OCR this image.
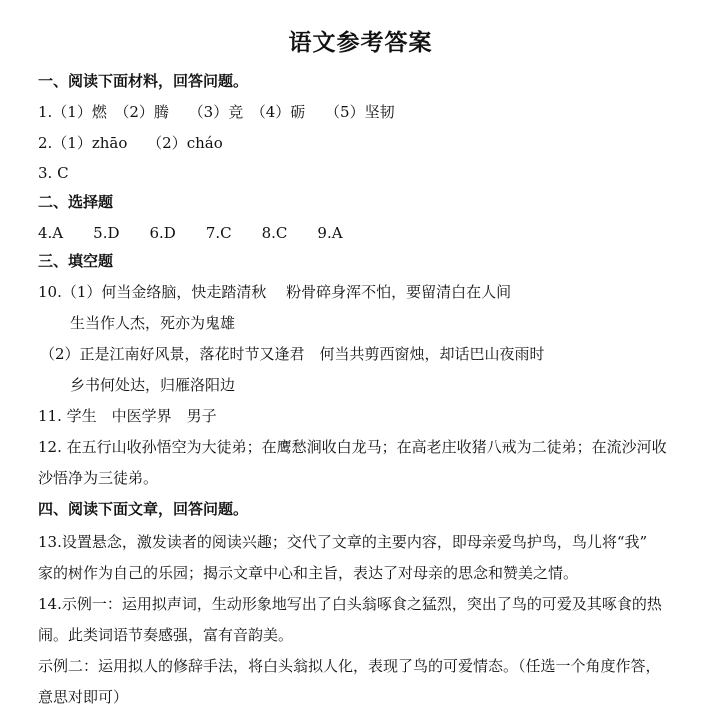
语文参考答案
一、阅读下面材料，回答问题。
1.（1）燃　（2）腾　 （3）竞　（4）砺　 （5）坚韧
2.（1）zhāo　 （2）cháo
3. C
二、选择题
4.A　　5.D　　6.D　　7.C　　8.C　　9.A
三、填空题
10.（1）何当金络脑，快走踏清秋　 粉骨碎身浑不怕，要留清白在人间
生当作人杰，死亦为鬼雄
（2）正是江南好风景，落花时节又逢君　何当共剪西窗烛，却话巴山夜雨时
乡书何处达，归雁洛阳边
11. 学生　中医学界　男子
12. 在五行山收孙悟空为大徒弟；在鹰愁涧收白龙马；在高老庄收猪八戒为二徒弟；在流沙河收
沙悟净为三徒弟。
四、阅读下面文章，回答问题。
13.设置悬念，激发读者的阅读兴趣；交代了文章的主要内容，即母亲爱鸟护鸟，鸟儿将“我”
家的树作为自己的乐园；揭示文章中心和主旨，表达了对母亲的思念和赞美之情。
14.示例一：运用拟声词，生动形象地写出了白头翁啄食之猛烈，突出了鸟的可爱及其啄食的热
闹。此类词语节奏感强，富有音韵美。
示例二：运用拟人的修辞手法，将白头翁拟人化，表现了鸟的可爱情态。（任选一个角度作答，
意思对即可）
